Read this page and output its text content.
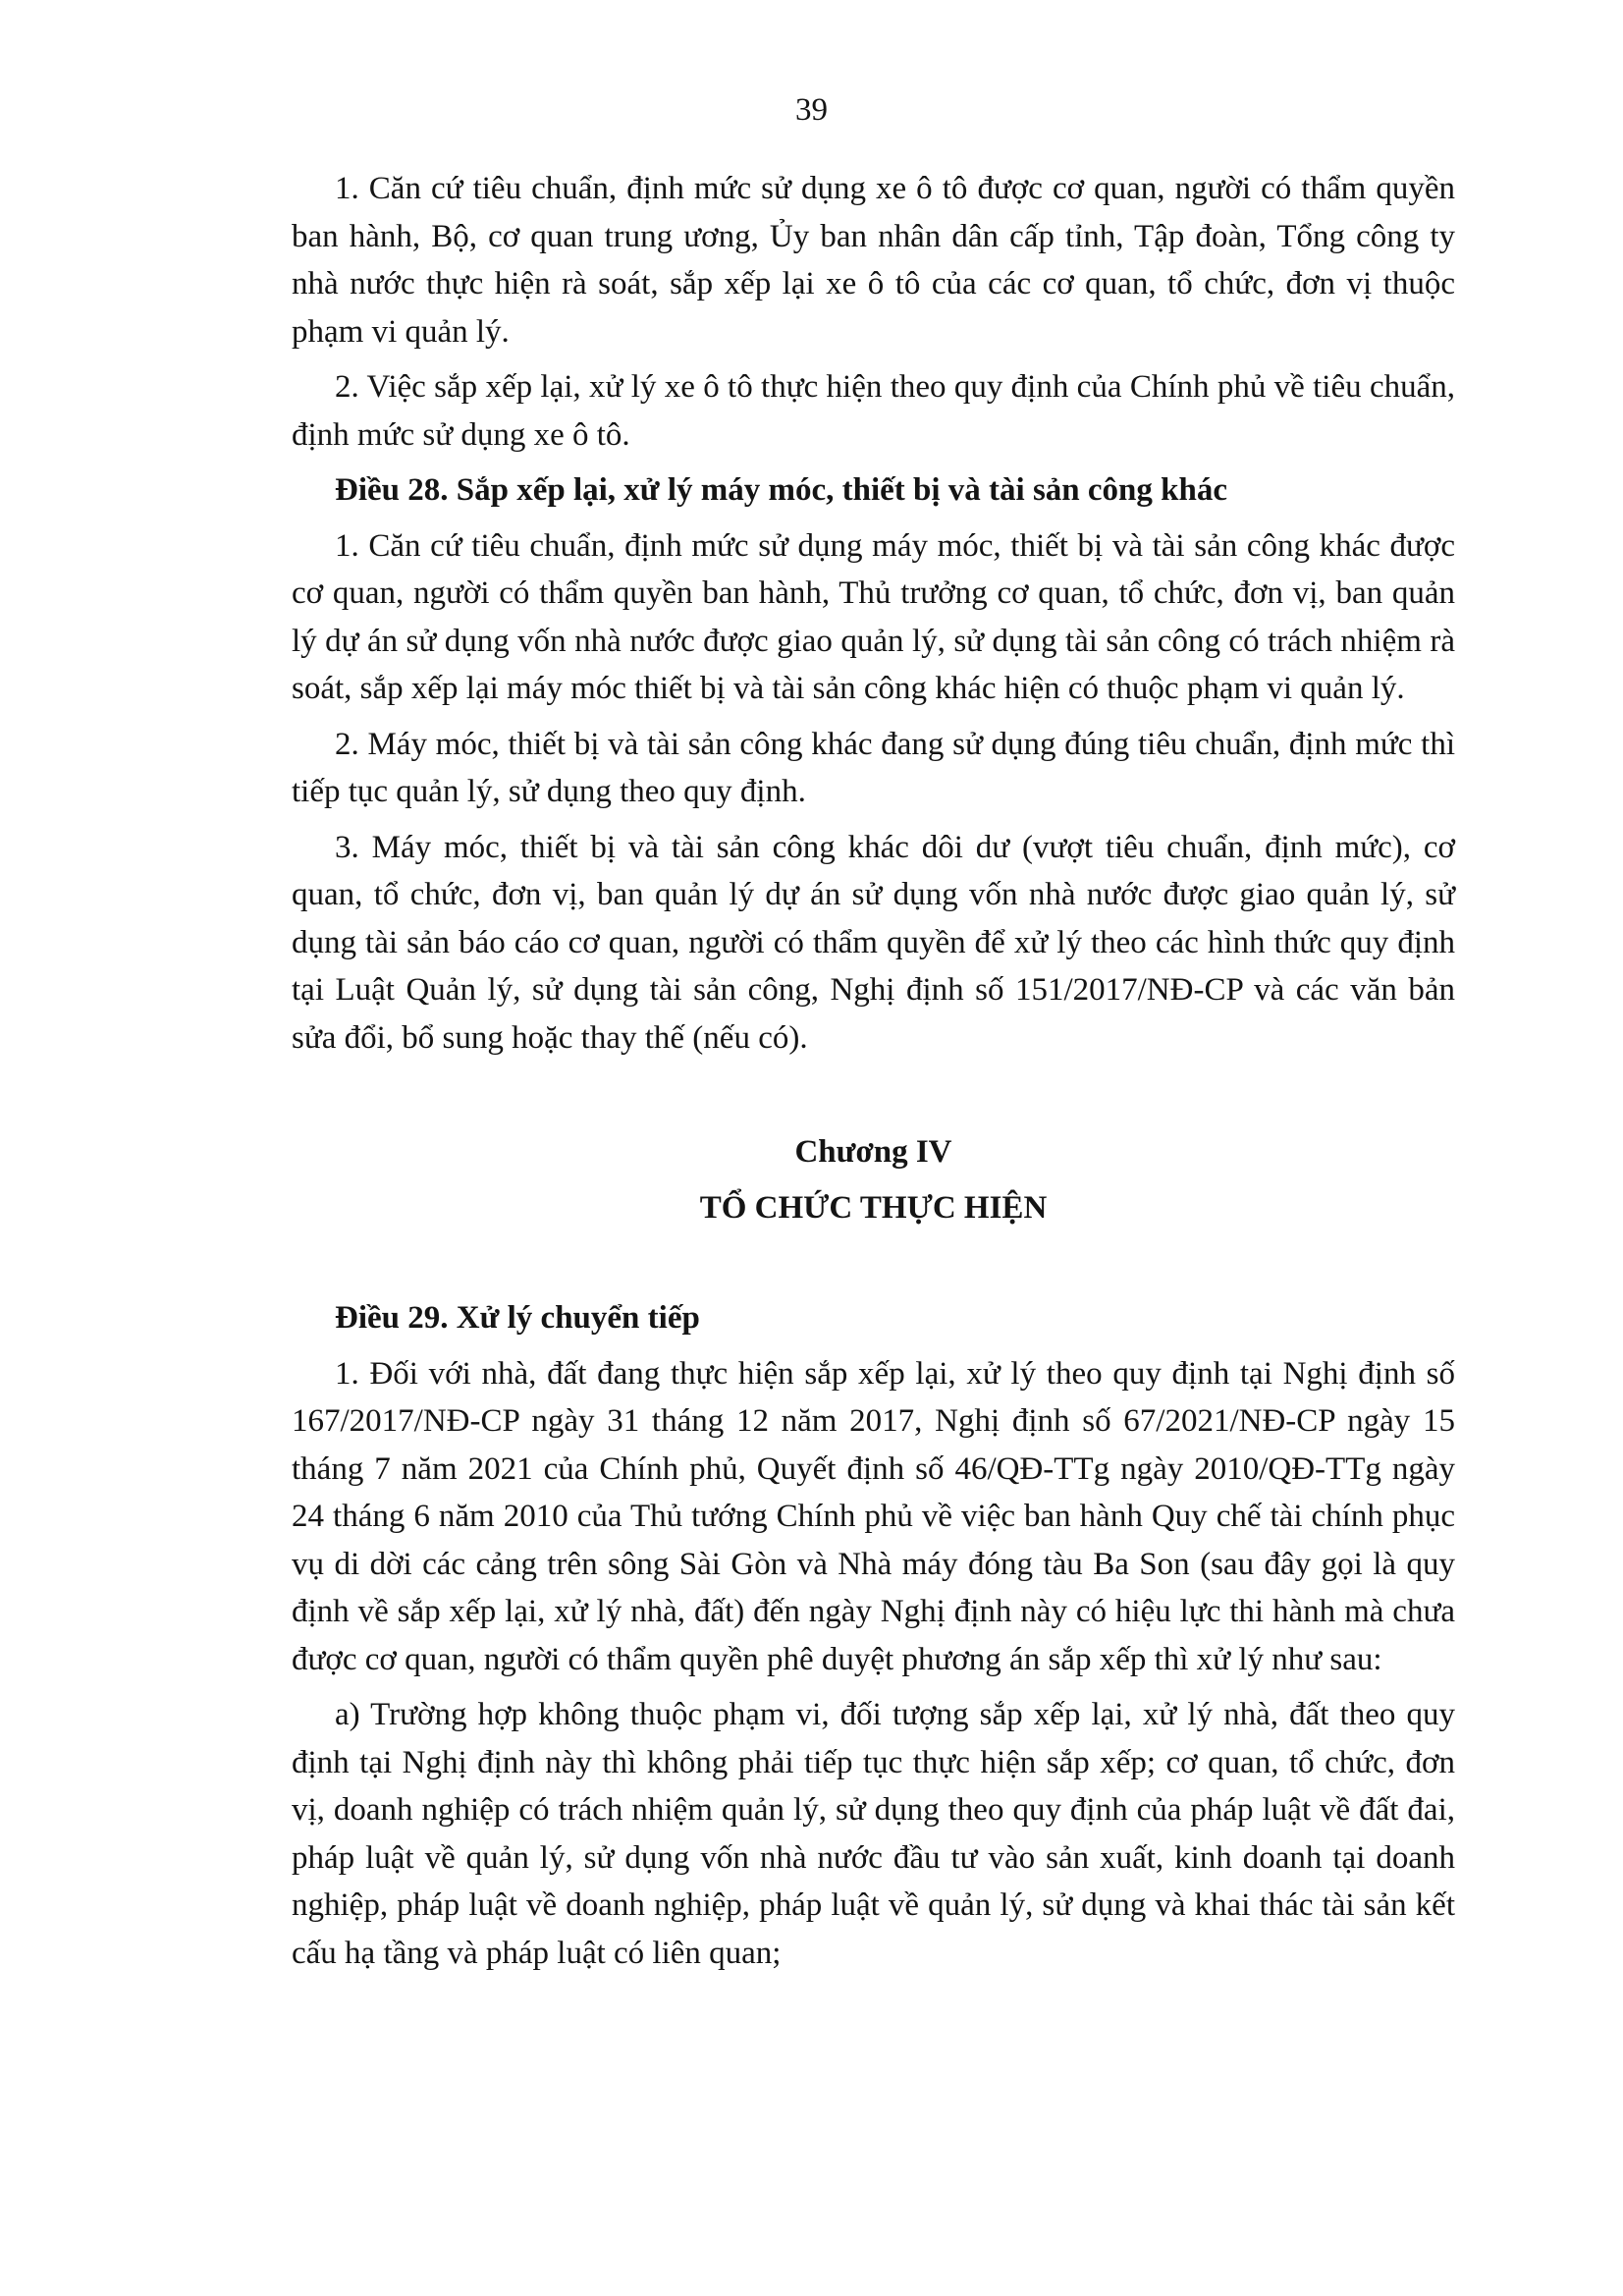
39

1. Căn cứ tiêu chuẩn, định mức sử dụng xe ô tô được cơ quan, người có thẩm quyền ban hành, Bộ, cơ quan trung ương, Ủy ban nhân dân cấp tỉnh, Tập đoàn, Tổng công ty nhà nước thực hiện rà soát, sắp xếp lại xe ô tô của các cơ quan, tổ chức, đơn vị thuộc phạm vi quản lý.

2. Việc sắp xếp lại, xử lý xe ô tô thực hiện theo quy định của Chính phủ về tiêu chuẩn, định mức sử dụng xe ô tô.

Điều 28. Sắp xếp lại, xử lý máy móc, thiết bị và tài sản công khác

1. Căn cứ tiêu chuẩn, định mức sử dụng máy móc, thiết bị và tài sản công khác được cơ quan, người có thẩm quyền ban hành, Thủ trưởng cơ quan, tổ chức, đơn vị, ban quản lý dự án sử dụng vốn nhà nước được giao quản lý, sử dụng tài sản công có trách nhiệm rà soát, sắp xếp lại máy móc thiết bị và tài sản công khác hiện có thuộc phạm vi quản lý.

2. Máy móc, thiết bị và tài sản công khác đang sử dụng đúng tiêu chuẩn, định mức thì tiếp tục quản lý, sử dụng theo quy định.

3. Máy móc, thiết bị và tài sản công khác dôi dư (vượt tiêu chuẩn, định mức), cơ quan, tổ chức, đơn vị, ban quản lý dự án sử dụng vốn nhà nước được giao quản lý, sử dụng tài sản báo cáo cơ quan, người có thẩm quyền để xử lý theo các hình thức quy định tại Luật Quản lý, sử dụng tài sản công, Nghị định số 151/2017/NĐ-CP và các văn bản sửa đổi, bổ sung hoặc thay thế (nếu có).

Chương IV

TỔ CHỨC THỰC HIỆN

Điều 29. Xử lý chuyển tiếp

1. Đối với nhà, đất đang thực hiện sắp xếp lại, xử lý theo quy định tại Nghị định số 167/2017/NĐ-CP ngày 31 tháng 12 năm 2017, Nghị định số 67/2021/NĐ-CP ngày 15 tháng 7 năm 2021 của Chính phủ, Quyết định số 46/QĐ-TTg ngày 2010/QĐ-TTg ngày 24 tháng 6 năm 2010 của Thủ tướng Chính phủ về việc ban hành Quy chế tài chính phục vụ di dời các cảng trên sông Sài Gòn và Nhà máy đóng tàu Ba Son (sau đây gọi là quy định về sắp xếp lại, xử lý nhà, đất) đến ngày Nghị định này có hiệu lực thi hành mà chưa được cơ quan, người có thẩm quyền phê duyệt phương án sắp xếp thì xử lý như sau:

a) Trường hợp không thuộc phạm vi, đối tượng sắp xếp lại, xử lý nhà, đất theo quy định tại Nghị định này thì không phải tiếp tục thực hiện sắp xếp; cơ quan, tổ chức, đơn vị, doanh nghiệp có trách nhiệm quản lý, sử dụng theo quy định của pháp luật về đất đai, pháp luật về quản lý, sử dụng vốn nhà nước đầu tư vào sản xuất, kinh doanh tại doanh nghiệp, pháp luật về doanh nghiệp, pháp luật về quản lý, sử dụng và khai thác tài sản kết cấu hạ tầng và pháp luật có liên quan;
